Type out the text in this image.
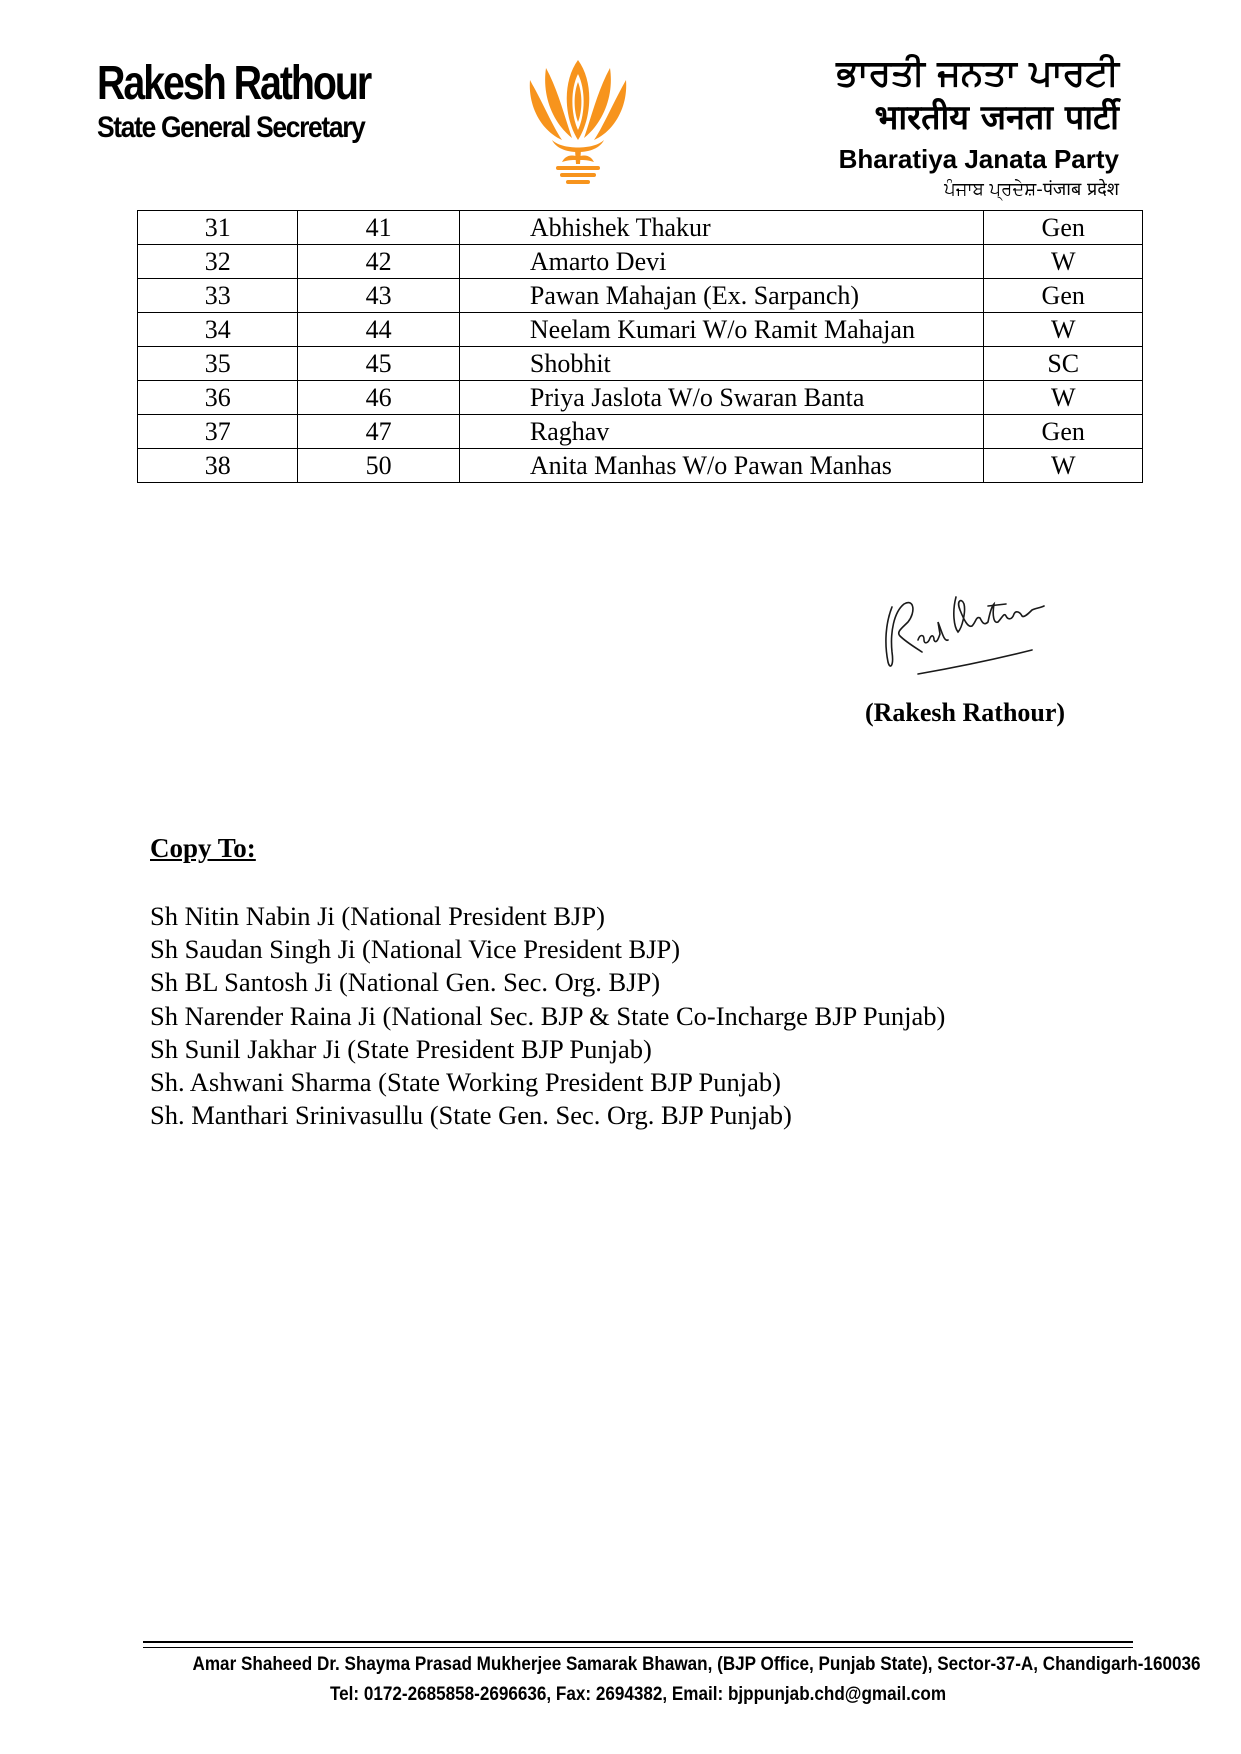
Rakesh Rathour
State General Secretary
ਭਾਰਤੀ ਜਨਤਾ ਪਾਰਟੀ
भारतीय जनता पार्टी
Bharatiya Janata Party
ਪੰਜਾਬ ਪ੍ਰਦੇਸ਼-पंजाब प्रदेश
31	41	Abhishek Thakur	Gen
32	42	Amarto Devi	W
33	43	Pawan Mahajan (Ex. Sarpanch)	Gen
34	44	Neelam Kumari W/o Ramit Mahajan	W
35	45	Shobhit	SC
36	46	Priya Jaslota W/o Swaran Banta	W
37	47	Raghav	Gen
38	50	Anita Manhas W/o Pawan Manhas	W
(Rakesh Rathour)
Copy To:
Sh Nitin Nabin Ji (National President BJP)
Sh Saudan Singh Ji (National Vice President BJP)
Sh BL Santosh Ji (National Gen. Sec. Org. BJP)
Sh Narender Raina Ji (National Sec. BJP & State Co-Incharge BJP Punjab)
Sh Sunil Jakhar Ji (State President BJP Punjab)
Sh. Ashwani Sharma (State Working President BJP Punjab)
Sh. Manthari Srinivasullu (State Gen. Sec. Org. BJP Punjab)
Amar Shaheed Dr. Shayma Prasad Mukherjee Samarak Bhawan, (BJP Office, Punjab State), Sector-37-A, Chandigarh-160036
Tel: 0172-2685858-2696636, Fax: 2694382, Email: bjppunjab.chd@gmail.com
